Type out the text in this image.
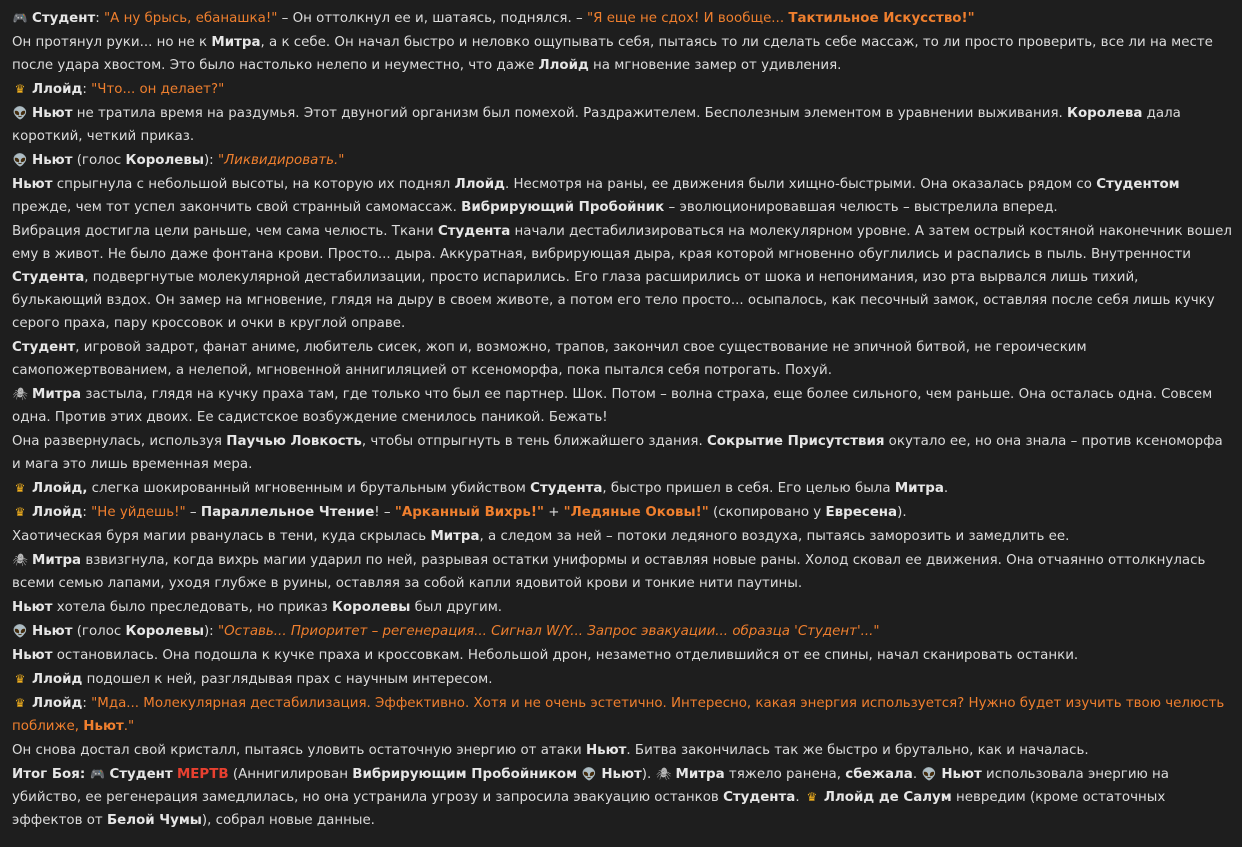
🎮 Студент: "А ну брысь, ебанашка!" – Он оттолкнул ее и, шатаясь, поднялся. – "Я еще не сдох! И вообще... Тактильное Искусство!"

Он протянул руки... но не к Митра, а к себе. Он начал быстро и неловко ощупывать себя, пытаясь то ли сделать себе массаж, то ли просто проверить, все ли на месте после удара хвостом. Это было настолько нелепо и неуместно, что даже Ллойд на мгновение замер от удивления.

♛ Ллойд: "Что... он делает?"

👽 Ньют не тратила время на раздумья. Этот двуногий организм был помехой. Раздражителем. Бесполезным элементом в уравнении выживания. Королева дала короткий, четкий приказ.

👽 Ньют (голос Королевы): "Ликвидировать."

Ньют спрыгнула с небольшой высоты, на которую их поднял Ллойд. Несмотря на раны, ее движения были хищно-быстрыми. Она оказалась рядом со Студентом прежде, чем тот успел закончить свой странный самомассаж. Вибрирующий Пробойник – эволюционировавшая челюсть – выстрелила вперед.

Вибрация достигла цели раньше, чем сама челюсть. Ткани Студента начали дестабилизироваться на молекулярном уровне. А затем острый костяной наконечник вошел ему в живот. Не было даже фонтана крови. Просто... дыра. Аккуратная, вибрирующая дыра, края которой мгновенно обуглились и распались в пыль. Внутренности Студента, подвергнутые молекулярной дестабилизации, просто испарились. Его глаза расширились от шока и непонимания, изо рта вырвался лишь тихий, булькающий вздох. Он замер на мгновение, глядя на дыру в своем животе, а потом его тело просто... осыпалось, как песочный замок, оставляя после себя лишь кучку серого праха, пару кроссовок и очки в круглой оправе.

Студент, игровой задрот, фанат аниме, любитель сисек, жоп и, возможно, трапов, закончил свое существование не эпичной битвой, не героическим самопожертвованием, а нелепой, мгновенной аннигиляцией от ксеноморфа, пока пытался себя потрогать. Похуй.

🕷 Митра застыла, глядя на кучку праха там, где только что был ее партнер. Шок. Потом – волна страха, еще более сильного, чем раньше. Она осталась одна. Совсем одна. Против этих двоих. Ее садистское возбуждение сменилось паникой. Бежать!

Она развернулась, используя Паучью Ловкость, чтобы отпрыгнуть в тень ближайшего здания. Сокрытие Присутствия окутало ее, но она знала – против ксеноморфа и мага это лишь временная мера.

♛ Ллойд, слегка шокированный мгновенным и брутальным убийством Студента, быстро пришел в себя. Его целью была Митра.

♛ Ллойд: "Не уйдешь!" – Параллельное Чтение! – "Арканный Вихрь!" + "Ледяные Оковы!" (скопировано у Евресена).

Хаотическая буря магии рванулась в тени, куда скрылась Митра, а следом за ней – потоки ледяного воздуха, пытаясь заморозить и замедлить ее.

🕷 Митра взвизгнула, когда вихрь магии ударил по ней, разрывая остатки униформы и оставляя новые раны. Холод сковал ее движения. Она отчаянно оттолкнулась всеми семью лапами, уходя глубже в руины, оставляя за собой капли ядовитой крови и тонкие нити паутины.

Ньют хотела было преследовать, но приказ Королевы был другим.

👽 Ньют (голос Королевы): "Оставь... Приоритет – регенерация... Сигнал W/Y... Запрос эвакуации... образца 'Студент'..."

Ньют остановилась. Она подошла к кучке праха и кроссовкам. Небольшой дрон, незаметно отделившийся от ее спины, начал сканировать останки.

♛ Ллойд подошел к ней, разглядывая прах с научным интересом.

♛ Ллойд: "Мда... Молекулярная дестабилизация. Эффективно. Хотя и не очень эстетично. Интересно, какая энергия используется? Нужно будет изучить твою челюсть поближе, Ньют."

Он снова достал свой кристалл, пытаясь уловить остаточную энергию от атаки Ньют. Битва закончилась так же быстро и брутально, как и началась.

Итог Боя: 🎮 Студент МЕРТВ (Аннигилирован Вибрирующим Пробойником 👽 Ньют). 🕷 Митра тяжело ранена, сбежала. 👽 Ньют использовала энергию на убийство, ее регенерация замедлилась, но она устранила угрозу и запросила эвакуацию останков Студента. ♛ Ллойд де Салум невредим (кроме остаточных эффектов от Белой Чумы), собрал новые данные.
